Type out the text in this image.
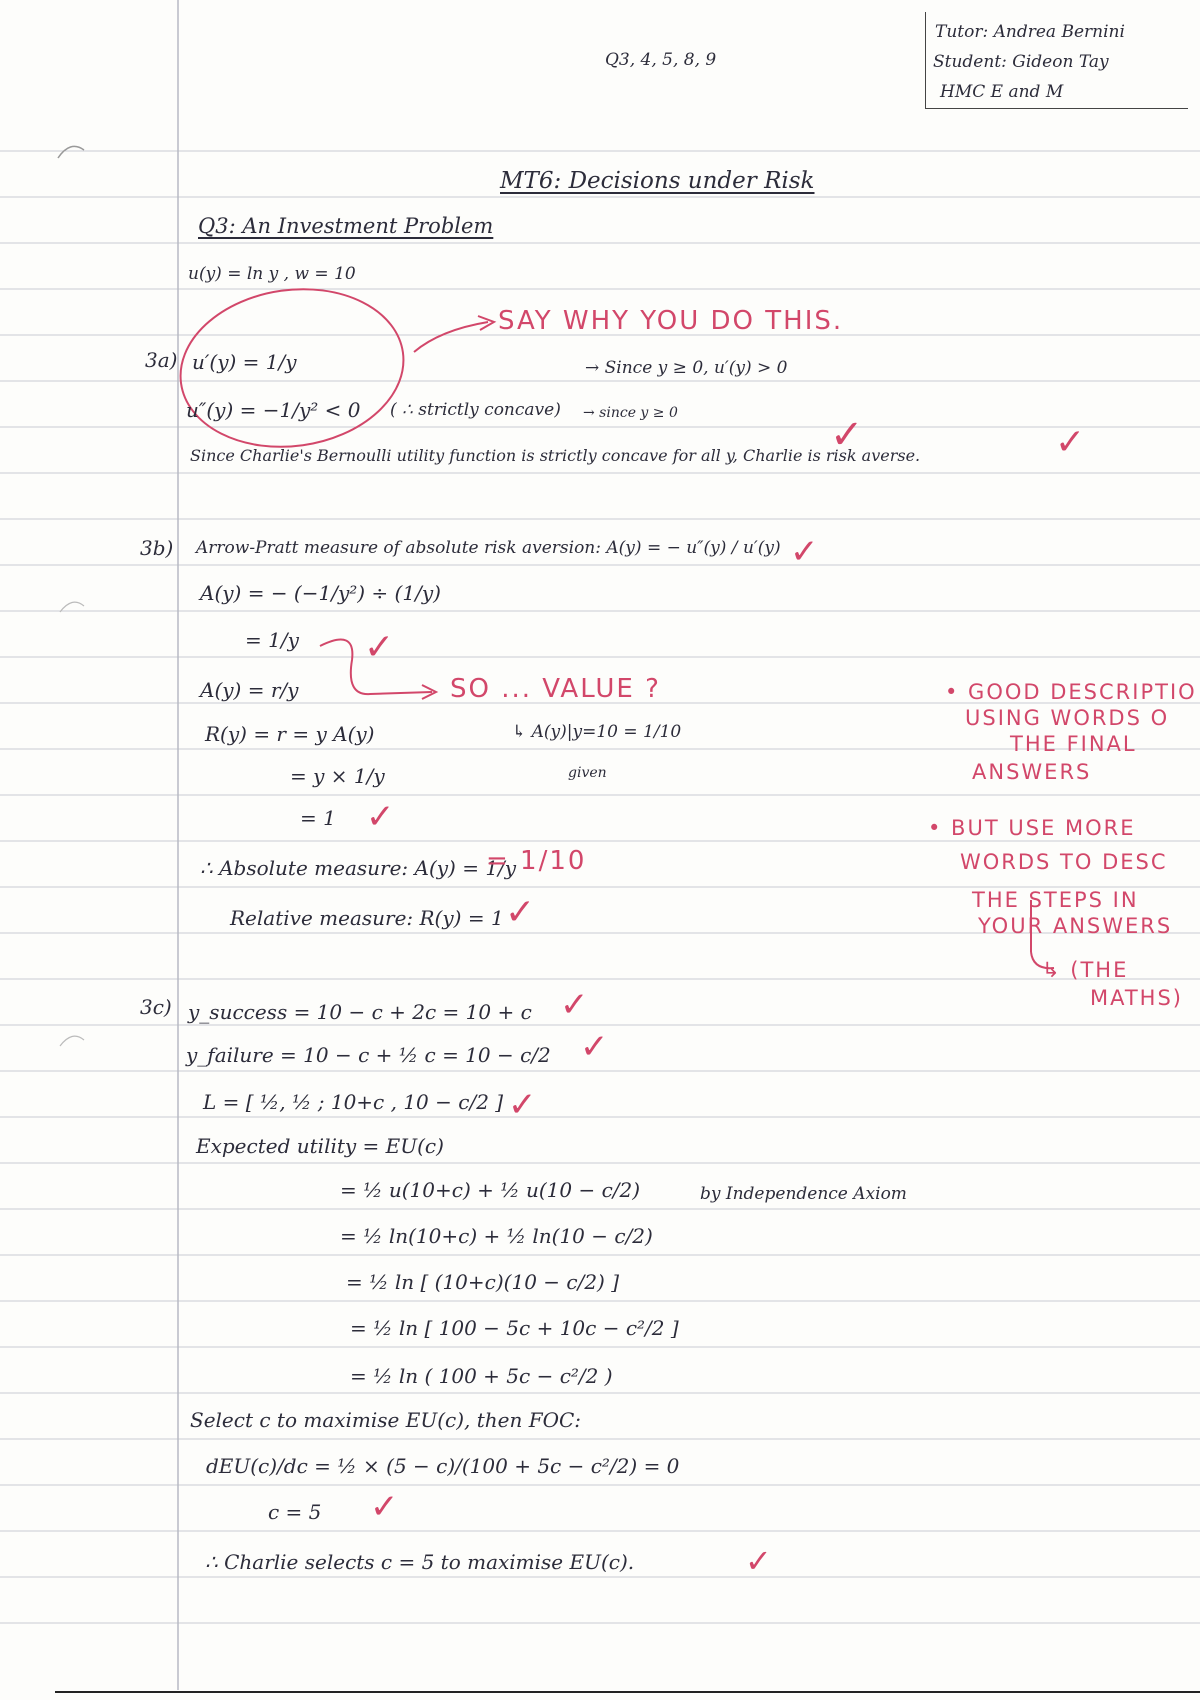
Q3, 4, 5, 8, 9
Tutor: Andrea Bernini
Student: Gideon Tay
HMC E and M
MT6: Decisions under Risk
Q3: An Investment Problem
u(y) = ln y , w = 10
3a) u′(y) = 1/y
u″(y) = −1/y² < 0 ( ∴ strictly concave)
→ Since y ≥ 0, u′(y) > 0
→ since y ≥ 0
Since Charlie's Bernoulli utility function is strictly concave for all y, Charlie is risk averse.
3b) Arrow-Pratt measure of absolute risk aversion: A(y) = − u″(y) / u′(y)
A(y) = − (−1/y²) ÷ (1/y)
= 1/y
A(y) = r/y
R(y) = r = y A(y)
= y × 1/y
= 1
↳ A(y)|y=10 = 1/10
given
∴ Absolute measure: A(y) = 1/y
Relative measure: R(y) = 1
3c) y_success = 10 − c + 2c = 10 + c
y_failure = 10 − c + ½ c = 10 − c/2
L = [ ½, ½ ; 10+c , 10 − c/2 ]
Expected utility = EU(c)
= ½ u(10+c) + ½ u(10 − c/2)	by Independence Axiom
= ½ ln(10+c) + ½ ln(10 − c/2)
= ½ ln [ (10+c)(10 − c/2) ]
= ½ ln [ 100 − 5c + 10c − c²/2 ]
= ½ ln ( 100 + 5c − c²/2 )
Select c to maximise EU(c), then FOC:
dEU(c)/dc = ½ × (5 − c)/(100 + 5c − c²/2) = 0
c = 5
∴ Charlie selects c = 5 to maximise EU(c).
SAY WHY YOU DO THIS.
SO ... VALUE ?
= 1/10
• GOOD DESCRIPTIO
USING WORDS O
THE FINAL
ANSWERS
• BUT USE MORE
WORDS TO DESC
THE STEPS IN
YOUR ANSWERS
↳ (THE
MATHS)
✓	✓
✓
✓
✓
✓
✓
✓
✓
✓
✓
